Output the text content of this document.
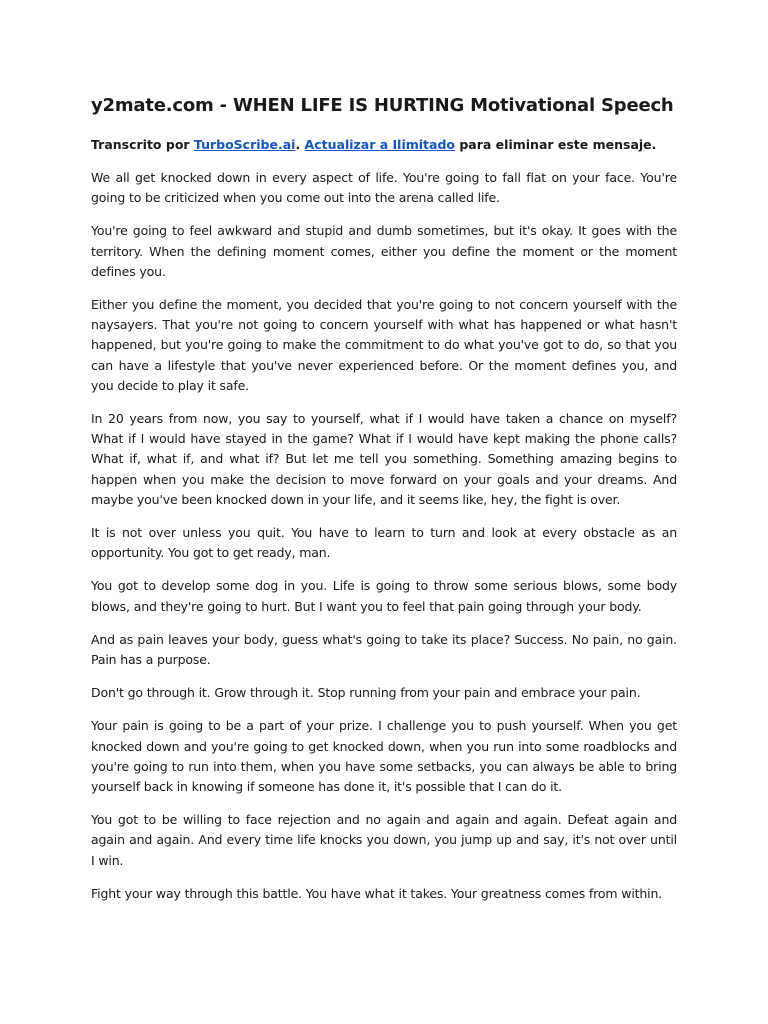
y2mate.com - WHEN LIFE IS HURTING Motivational Speech

Transcrito por TurboScribe.ai. Actualizar a Ilimitado para eliminar este mensaje.

We all get knocked down in every aspect of life. You're going to fall flat on your face. You're going to be criticized when you come out into the arena called life.

You're going to feel awkward and stupid and dumb sometimes, but it's okay. It goes with the territory. When the defining moment comes, either you define the moment or the moment defines you.

Either you define the moment, you decided that you're going to not concern yourself with the naysayers. That you're not going to concern yourself with what has happened or what hasn't happened, but you're going to make the commitment to do what you've got to do, so that you can have a lifestyle that you've never experienced before. Or the moment defines you, and you decide to play it safe.

In 20 years from now, you say to yourself, what if I would have taken a chance on myself? What if I would have stayed in the game? What if I would have kept making the phone calls? What if, what if, and what if? But let me tell you something. Something amazing begins to happen when you make the decision to move forward on your goals and your dreams. And maybe you've been knocked down in your life, and it seems like, hey, the fight is over.

It is not over unless you quit. You have to learn to turn and look at every obstacle as an opportunity. You got to get ready, man.

You got to develop some dog in you. Life is going to throw some serious blows, some body blows, and they're going to hurt. But I want you to feel that pain going through your body.

And as pain leaves your body, guess what's going to take its place? Success. No pain, no gain. Pain has a purpose.

Don't go through it. Grow through it. Stop running from your pain and embrace your pain.

Your pain is going to be a part of your prize. I challenge you to push yourself. When you get knocked down and you're going to get knocked down, when you run into some roadblocks and you're going to run into them, when you have some setbacks, you can always be able to bring yourself back in knowing if someone has done it, it's possible that I can do it.

You got to be willing to face rejection and no again and again and again. Defeat again and again and again. And every time life knocks you down, you jump up and say, it's not over until I win.

Fight your way through this battle. You have what it takes. Your greatness comes from within.
